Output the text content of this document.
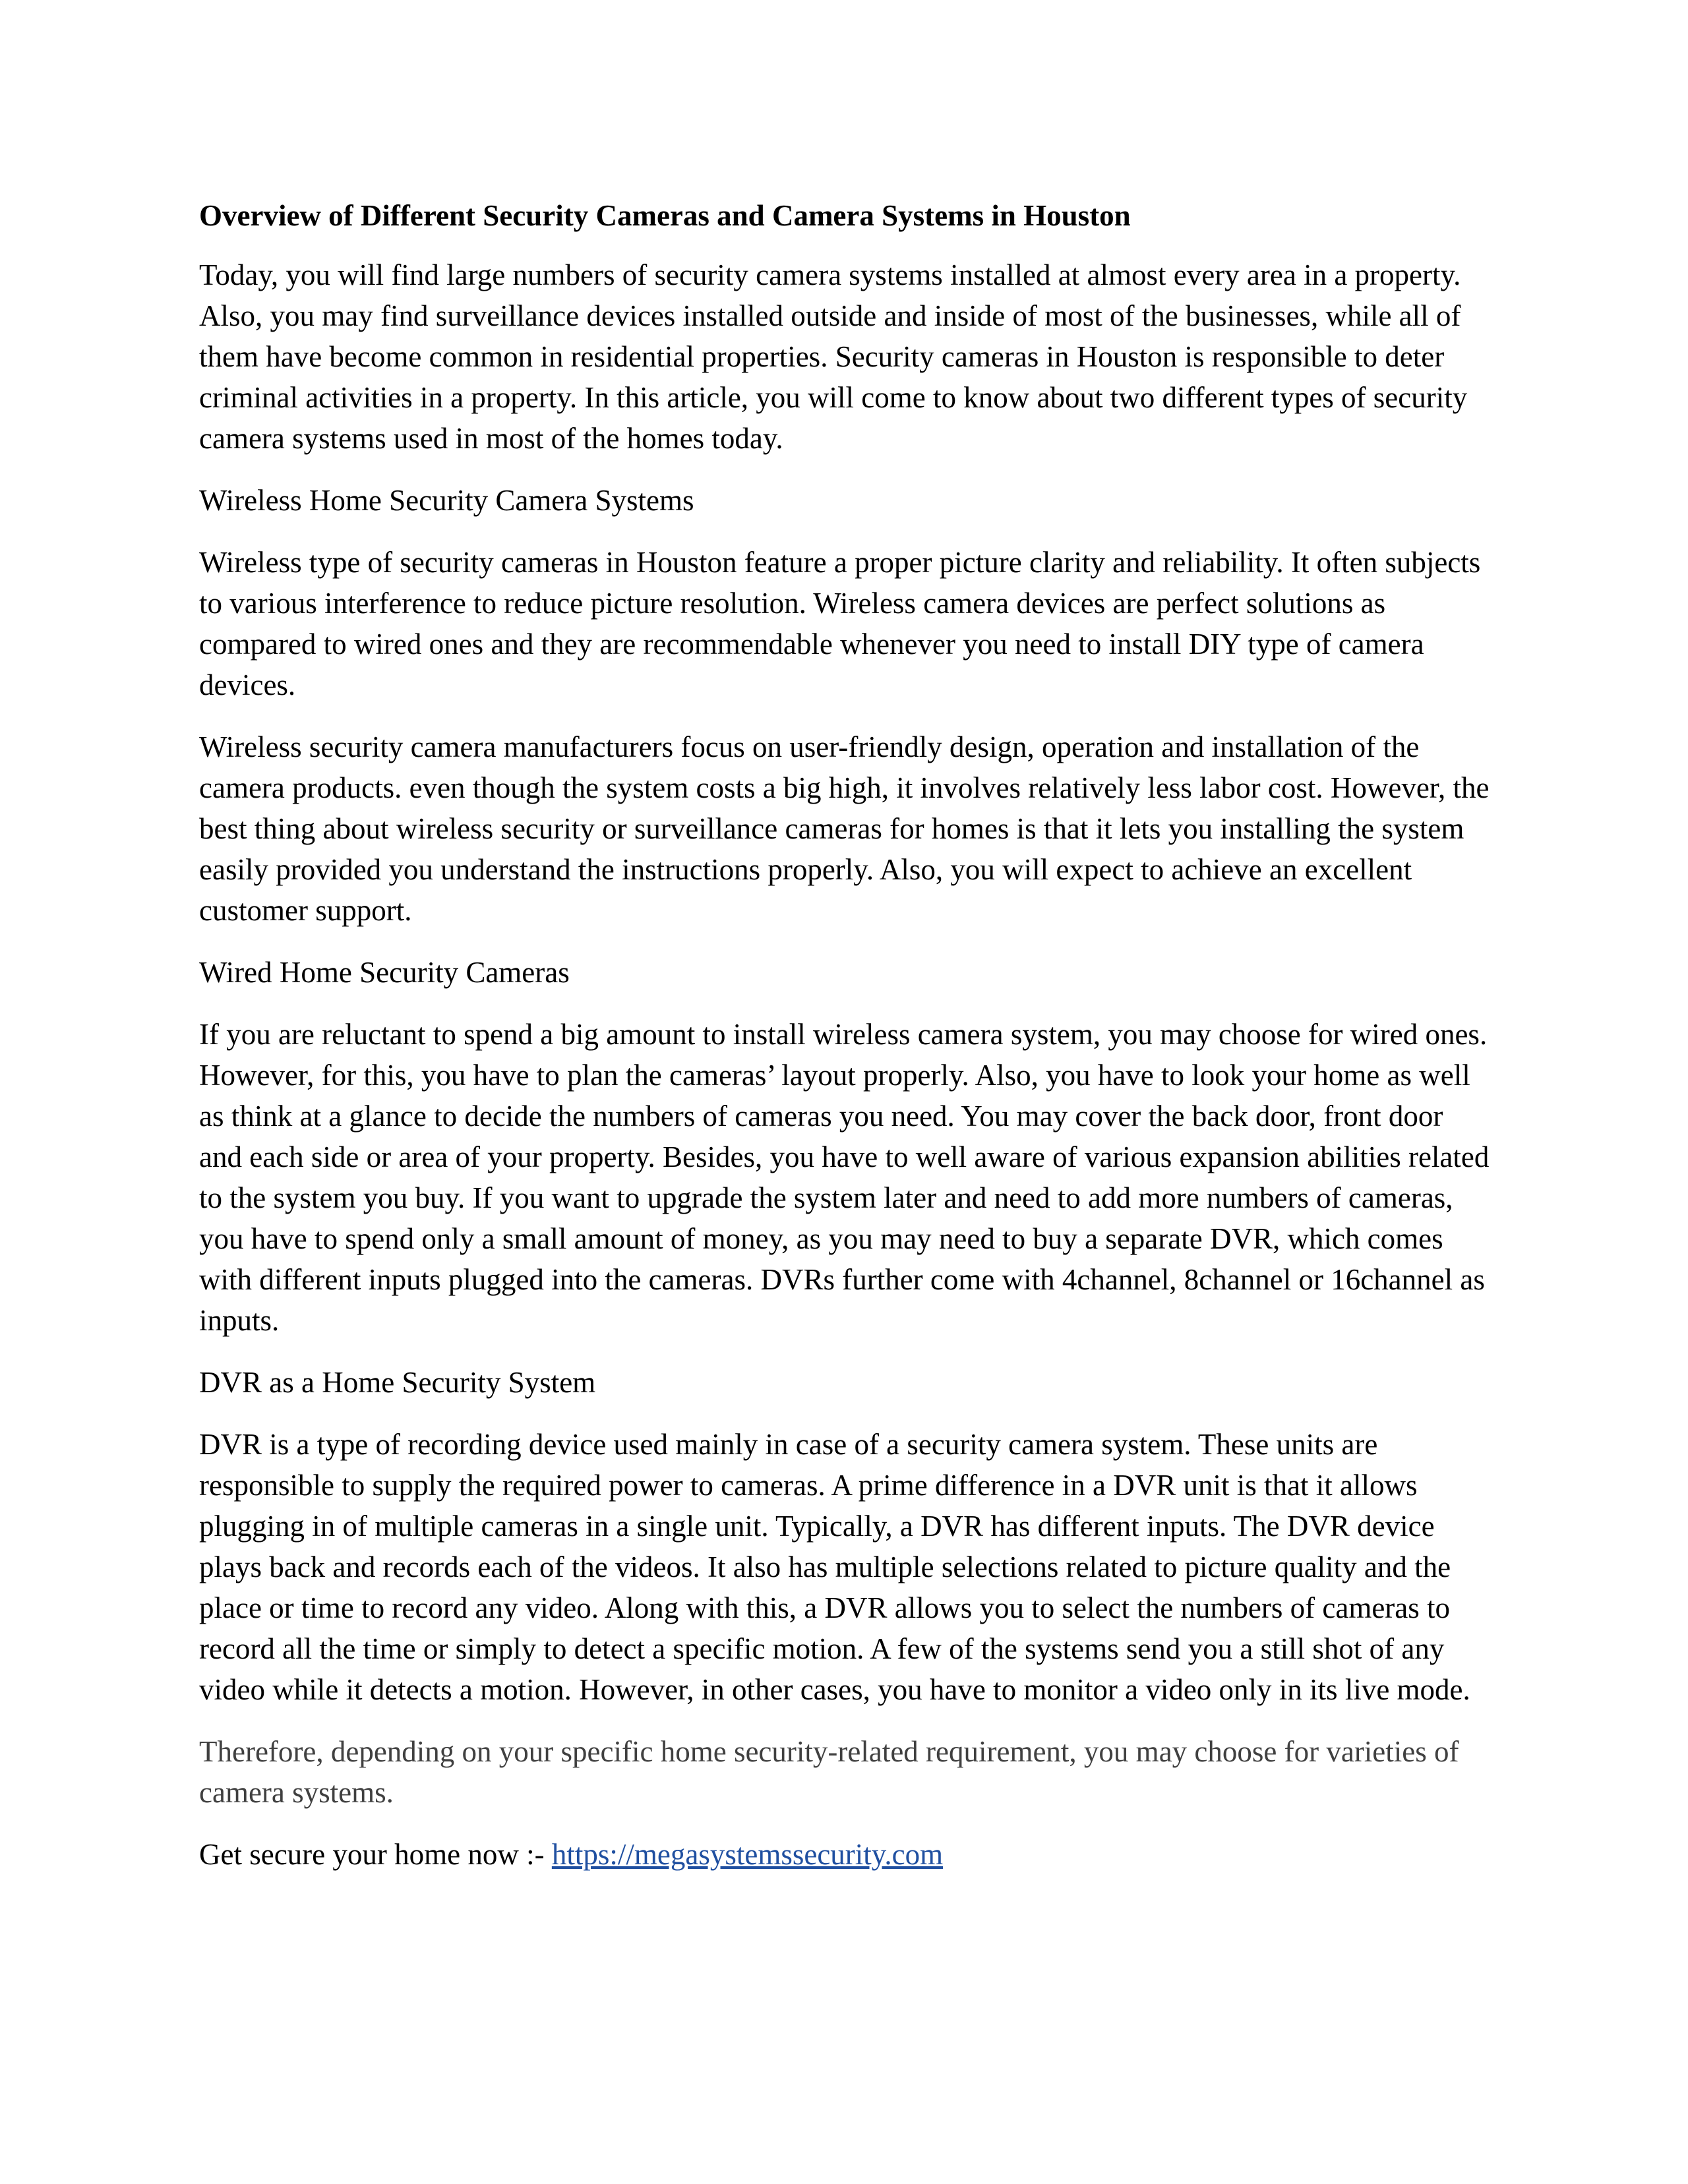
Overview of Different Security Cameras and Camera Systems in Houston

Today, you will find large numbers of security camera systems installed at almost every area in a property. Also, you may find surveillance devices installed outside and inside of most of the businesses, while all of them have become common in residential properties. Security cameras in Houston is responsible to deter criminal activities in a property. In this article, you will come to know about two different types of security camera systems used in most of the homes today.

Wireless Home Security Camera Systems

Wireless type of security cameras in Houston feature a proper picture clarity and reliability. It often subjects to various interference to reduce picture resolution. Wireless camera devices are perfect solutions as compared to wired ones and they are recommendable whenever you need to install DIY type of camera devices.

Wireless security camera manufacturers focus on user-friendly design, operation and installation of the camera products. even though the system costs a big high, it involves relatively less labor cost. However, the best thing about wireless security or surveillance cameras for homes is that it lets you installing the system easily provided you understand the instructions properly. Also, you will expect to achieve an excellent customer support.

Wired Home Security Cameras

If you are reluctant to spend a big amount to install wireless camera system, you may choose for wired ones. However, for this, you have to plan the cameras’ layout properly. Also, you have to look your home as well as think at a glance to decide the numbers of cameras you need. You may cover the back door, front door and each side or area of your property. Besides, you have to well aware of various expansion abilities related to the system you buy. If you want to upgrade the system later and need to add more numbers of cameras, you have to spend only a small amount of money, as you may need to buy a separate DVR, which comes with different inputs plugged into the cameras. DVRs further come with 4channel, 8channel or 16channel as inputs.

DVR as a Home Security System

DVR is a type of recording device used mainly in case of a security camera system. These units are responsible to supply the required power to cameras. A prime difference in a DVR unit is that it allows plugging in of multiple cameras in a single unit. Typically, a DVR has different inputs. The DVR device plays back and records each of the videos. It also has multiple selections related to picture quality and the place or time to record any video. Along with this, a DVR allows you to select the numbers of cameras to record all the time or simply to detect a specific motion. A few of the systems send you a still shot of any video while it detects a motion. However, in other cases, you have to monitor a video only in its live mode.

Therefore, depending on your specific home security-related requirement, you may choose for varieties of camera systems.

Get secure your home now :- https://megasystemssecurity.com
